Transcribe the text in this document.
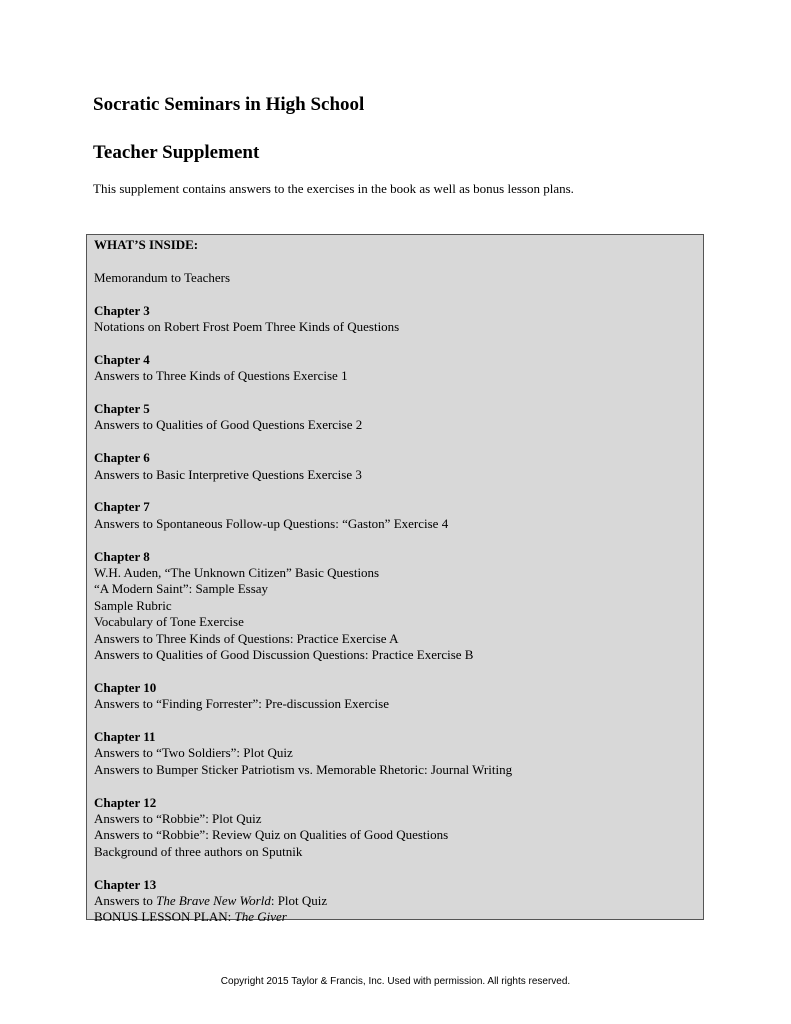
Socratic Seminars in High School
Teacher Supplement

This supplement contains answers to the exercises in the book as well as bonus lesson plans.

WHAT’S INSIDE:

Memorandum to Teachers

Chapter 3

Notations on Robert Frost Poem Three Kinds of Questions

Chapter 4

Answers to Three Kinds of Questions Exercise 1

Chapter 5

Answers to Qualities of Good Questions Exercise 2

Chapter 6

Answers to Basic Interpretive Questions Exercise 3

Chapter 7

Answers to Spontaneous Follow-up Questions: “Gaston” Exercise 4

Chapter 8

W.H. Auden, “The Unknown Citizen” Basic Questions

“A Modern Saint”: Sample Essay

Sample Rubric

Vocabulary of Tone Exercise

Answers to Three Kinds of Questions: Practice Exercise A

Answers to Qualities of Good Discussion Questions: Practice Exercise B

Chapter 10

Answers to “Finding Forrester”: Pre-discussion Exercise

Chapter 11

Answers to “Two Soldiers”: Plot Quiz

Answers to Bumper Sticker Patriotism vs. Memorable Rhetoric: Journal Writing

Chapter 12

Answers to “Robbie”: Plot Quiz

Answers to “Robbie”: Review Quiz on Qualities of Good Questions

Background of three authors on Sputnik

Chapter 13

Answers to The Brave New World: Plot Quiz

BONUS LESSON PLAN: The Giver

Copyright 2015 Taylor & Francis, Inc. Used with permission. All rights reserved.
